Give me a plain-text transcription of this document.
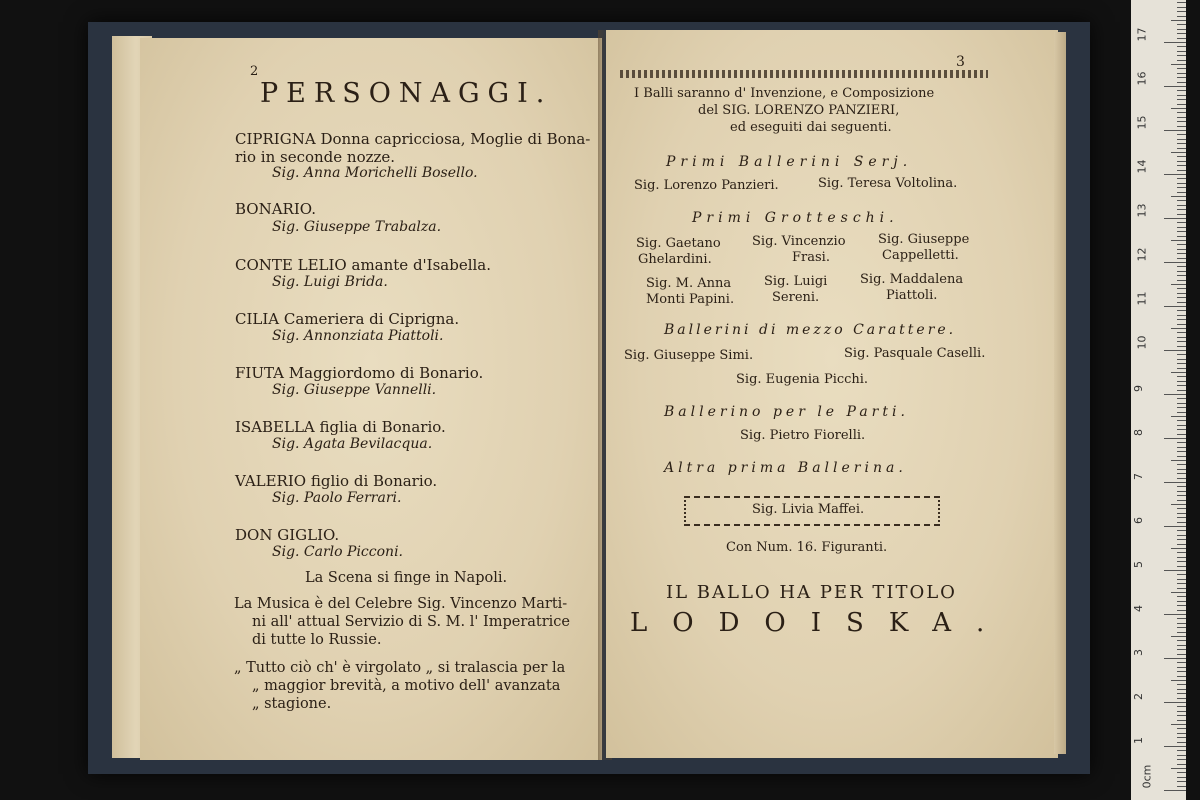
2
PERSONAGGI.
CIPRIGNA Donna capricciosa, Moglie di Bona-
rio in seconde nozze.
Sig. Anna Morichelli Bosello.
BONARIO.
Sig. Giuseppe Trabalza.
CONTE LELIO amante d'Isabella.
Sig. Luigi Brida.
CILIA Cameriera di Ciprigna.
Sig. Annonziata Piattoli.
FIUTA Maggiordomo di Bonario.
Sig. Giuseppe Vannelli.
ISABELLA figlia di Bonario.
Sig. Agata Bevilacqua.
VALERIO figlio di Bonario.
Sig. Paolo Ferrari.
DON GIGLIO.
Sig. Carlo Picconi.
La Scena si finge in Napoli.
La Musica è del Celebre Sig. Vincenzo Marti-
ni all' attual Servizio di S. M. l' Imperatrice
di tutte lo Russie.
„ Tutto ciò ch' è virgolato „ si tralascia per la
„ maggior brevità, a motivo dell' avanzata
„ stagione.
3
I Balli saranno d' Invenzione, e Composizione
del SIG. LORENZO PANZIERI,
ed eseguiti dai seguenti.
Primi Ballerini Serj.
Sig. Lorenzo Panzieri.	Sig. Teresa Voltolina.
Primi Grotteschi.
Sig. Gaetano
Ghelardini.
Sig. Vincenzio
Frasi.
Sig. Giuseppe
Cappelletti.
Sig. M. Anna
Monti Papini.
Sig. Luigi
Sereni.
Sig. Maddalena
Piattoli.
Ballerini di mezzo Carattere.
Sig. Giuseppe Simi.	Sig. Pasquale Caselli.
Sig. Eugenia Picchi.
Ballerino per le Parti.
Sig. Pietro Fiorelli.
Altra prima Ballerina.
Sig. Livia Maffei.
Con Num. 16. Figuranti.
IL BALLO HA PER TITOLO
LODOISKA.
0cm
1
2
3
4
5
6
7
8
9
10
11
12
13
14
15
16
17
